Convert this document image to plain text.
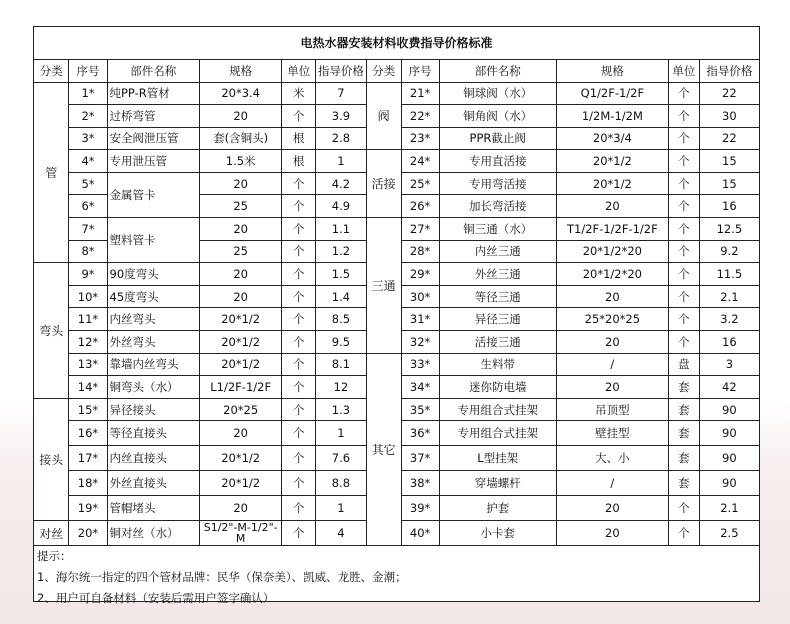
电热水器安装材料收费指导价格标准
分类	序号	部件名称	规格	单位	指导价格	分类	序号	部件名称	规格	单位	指导价格
管	1*	纯PP-R管材	20*3.4	米	7	阀	21*	铜球阀（水）	Q1/2F-1/2F	个	22
	2*	过桥弯管	20	个	3.9		22*	铜角阀（水）	1/2M-1/2M	个	30
	3*	安全阀泄压管	套(含铜头)	根	2.8		23*	PPR截止阀	20*3/4	个	22
	4*	专用泄压管	1.5米	根	1	活接	24*	专用直活接	20*1/2	个	15
	5*	金属管卡	20	个	4.2		25*	专用弯活接	20*1/2	个	15
	6*		25	个	4.9		26*	加长弯活接	20	个	16
	7*	塑料管卡	20	个	1.1	三通	27*	铜三通（水）	T1/2F-1/2F-1/2F	个	12.5
	8*		25	个	1.2		28*	内丝三通	20*1/2*20	个	9.2
弯头	9*	90度弯头	20	个	1.5		29*	外丝三通	20*1/2*20	个	11.5
	10*	45度弯头	20	个	1.4		30*	等径三通	20	个	2.1
	11*	内丝弯头	20*1/2	个	8.5		31*	异径三通	25*20*25	个	3.2
	12*	外丝弯头	20*1/2	个	9.5		32*	活接三通	20	个	16
	13*	靠墙内丝弯头	20*1/2	个	8.1	其它	33*	生料带	/	盘	3
	14*	铜弯头（水）	L1/2F-1/2F	个	12		34*	迷你防电墙	20	套	42
接头	15*	异径接头	20*25	个	1.3		35*	专用组合式挂架	吊顶型	套	90
	16*	等径直接头	20	个	1		36*	专用组合式挂架	壁挂型	套	90
	17*	内丝直接头	20*1/2	个	7.6		37*	L型挂架	大、小	套	90
	18*	外丝直接头	20*1/2	个	8.8		38*	穿墙螺杆	/	套	90
	19*	管帽堵头	20	个	1		39*	护套	20	个	2.1
对丝	20*	铜对丝（水）	S1/2"-M-1/2"-M	个	4		40*	小卡套	20	个	2.5
提示：
1、海尔统一指定的四个管材品牌：民华（保奈美）、凯威、龙胜、金潮；
2、用户可自备材料（安装后需用户签字确认）
